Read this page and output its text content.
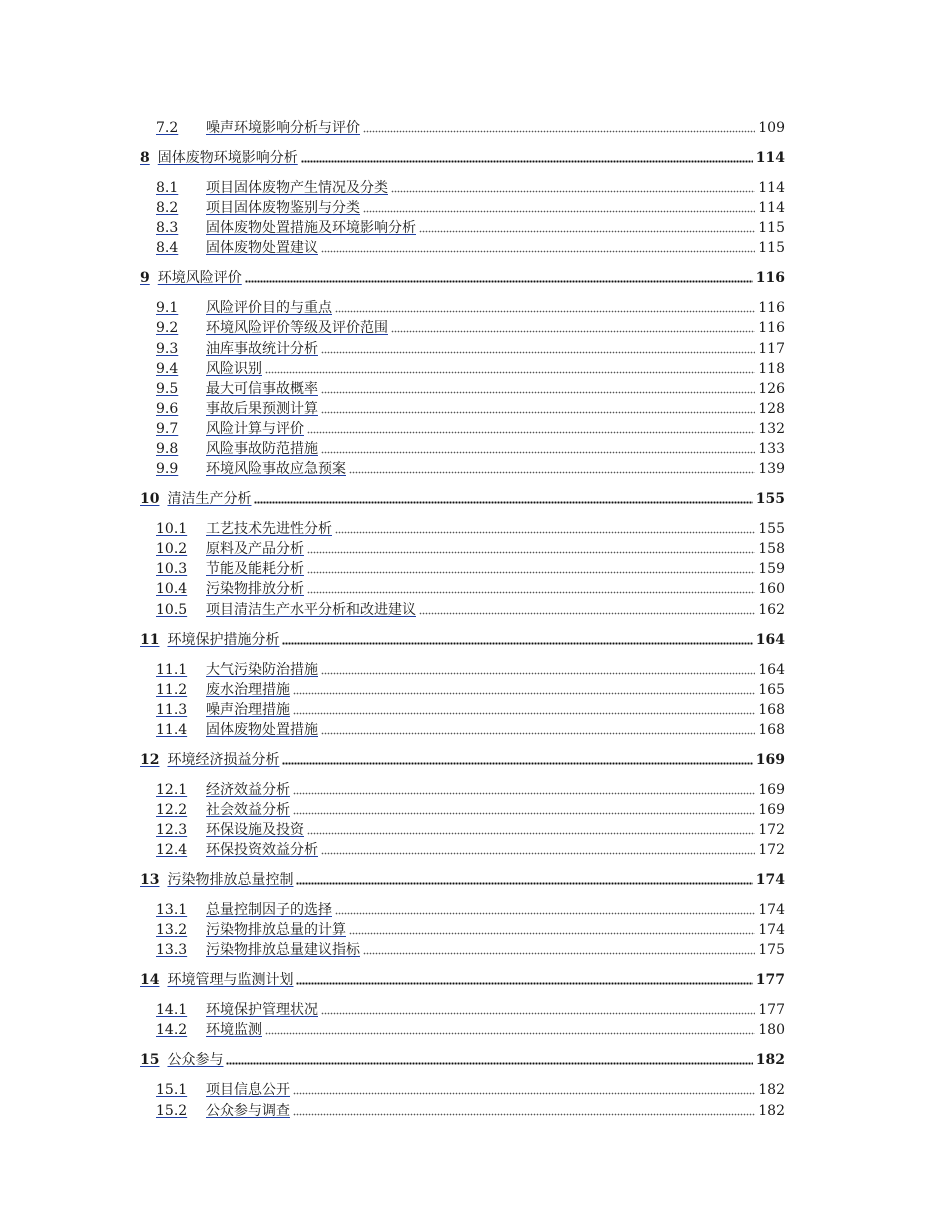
7.2	噪声环境影响分析与评价	109
8 固体废物环境影响分析	114
8.1	项目固体废物产生情况及分类	114
8.2	项目固体废物鉴别与分类	114
8.3	固体废物处置措施及环境影响分析	115
8.4	固体废物处置建议	115
9 环境风险评价	116
9.1	风险评价目的与重点	116
9.2	环境风险评价等级及评价范围	116
9.3	油库事故统计分析	117
9.4	风险识别	118
9.5	最大可信事故概率	126
9.6	事故后果预测计算	128
9.7	风险计算与评价	132
9.8	风险事故防范措施	133
9.9	环境风险事故应急预案	139
10 清洁生产分析	155
10.1	工艺技术先进性分析	155
10.2	原料及产品分析	158
10.3	节能及能耗分析	159
10.4	污染物排放分析	160
10.5	项目清洁生产水平分析和改进建议	162
11 环境保护措施分析	164
11.1	大气污染防治措施	164
11.2	废水治理措施	165
11.3	噪声治理措施	168
11.4	固体废物处置措施	168
12 环境经济损益分析	169
12.1	经济效益分析	169
12.2	社会效益分析	169
12.3	环保设施及投资	172
12.4	环保投资效益分析	172
13 污染物排放总量控制	174
13.1	总量控制因子的选择	174
13.2	污染物排放总量的计算	174
13.3	污染物排放总量建议指标	175
14 环境管理与监测计划	177
14.1	环境保护管理状况	177
14.2	环境监测	180
15 公众参与	182
15.1	项目信息公开	182
15.2	公众参与调查	182
